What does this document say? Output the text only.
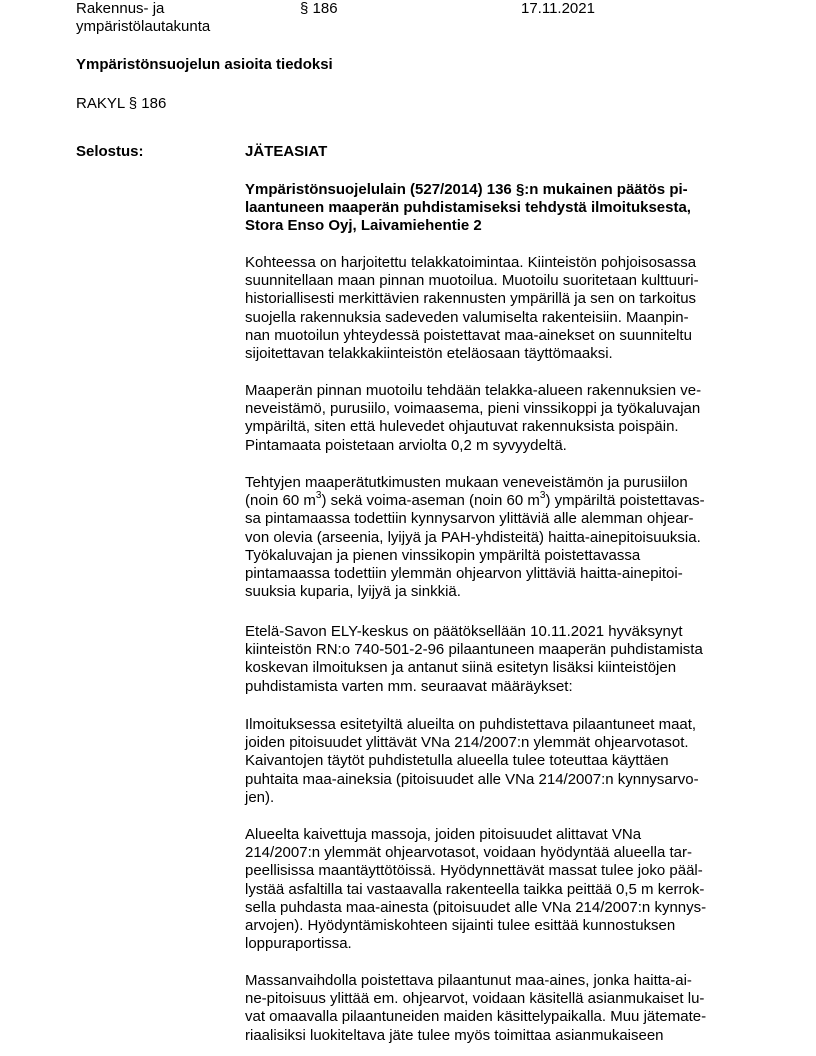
Rakennus- ja
ympäristölautakunta
§ 186	17.11.2021
Ympäristönsuojelun asioita tiedoksi
RAKYL § 186
Selostus:	JÄTEASIAT
Ympäristönsuojelulain (527/2014) 136 §:n mukainen päätös pi-
laantuneen maaperän puhdistamiseksi tehdystä ilmoituksesta,
Stora Enso Oyj, Laivamiehentie 2
Kohteessa on harjoitettu telakkatoimintaa. Kiinteistön pohjoisosassa
suunnitellaan maan pinnan muotoilua. Muotoilu suoritetaan kulttuuri-
historiallisesti merkittävien rakennusten ympärillä ja sen on tarkoitus
suojella rakennuksia sadeveden valumiselta rakenteisiin. Maanpin-
nan muotoilun yhteydessä poistettavat maa-ainekset on suunniteltu
sijoitettavan telakkakiinteistön eteläosaan täyttömaaksi.
Maaperän pinnan muotoilu tehdään telakka-alueen rakennuksien ve-
neveistämö, purusiilo, voimaasema, pieni vinssikoppi ja työkaluvajan
ympäriltä, siten että hulevedet ohjautuvat rakennuksista poispäin.
Pintamaata poistetaan arviolta 0,2 m syvyydeltä.
Tehtyjen maaperätutkimusten mukaan veneveistämön ja purusiilon
(noin 60 $m^3$) sekä voima-aseman (noin 60 $m^3$) ympäriltä poistettavas-
sa pintamaassa todettiin kynnysarvon ylittäviä alle alemman ohjear-
von olevia (arseenia, lyijyä ja PAH-yhdisteitä) haitta-ainepitoisuuksia.
Työkaluvajan ja pienen vinssikopin ympäriltä poistettavassa
pintamaassa todettiin ylemmän ohjearvon ylittäviä haitta-ainepitoi-
suuksia kuparia, lyijyä ja sinkkiä.
Etelä-Savon ELY-keskus on päätöksellään 10.11.2021 hyväksynyt
kiinteistön RN:o 740-501-2-96 pilaantuneen maaperän puhdistamista
koskevan ilmoituksen ja antanut siinä esitetyn lisäksi kiinteistöjen
puhdistamista varten mm. seuraavat määräykset:
Ilmoituksessa esitetyiltä alueilta on puhdistettava pilaantuneet maat,
joiden pitoisuudet ylittävät VNa 214/2007:n ylemmät ohjearvotasot.
Kaivantojen täytöt puhdistetulla alueella tulee toteuttaa käyttäen
puhtaita maa-aineksia (pitoisuudet alle VNa 214/2007:n kynnysarvo-
jen).
Alueelta kaivettuja massoja, joiden pitoisuudet alittavat VNa
214/2007:n ylemmät ohjearvotasot, voidaan hyödyntää alueella tar-
peellisissa maantäyttötöissä. Hyödynnettävät massat tulee joko pääl-
lystää asfaltilla tai vastaavalla rakenteella taikka peittää 0,5 m kerrok-
sella puhdasta maa-ainesta (pitoisuudet alle VNa 214/2007:n kynnys-
arvojen). Hyödyntämiskohteen sijainti tulee esittää kunnostuksen
loppuraportissa.
Massanvaihdolla poistettava pilaantunut maa-aines, jonka haitta-ai-
ne-pitoisuus ylittää em. ohjearvot, voidaan käsitellä asianmukaiset lu-
vat omaavalla pilaantuneiden maiden käsittelypaikalla. Muu jätemate-
riaalisiksi luokiteltava jäte tulee myös toimittaa asianmukaiseen
